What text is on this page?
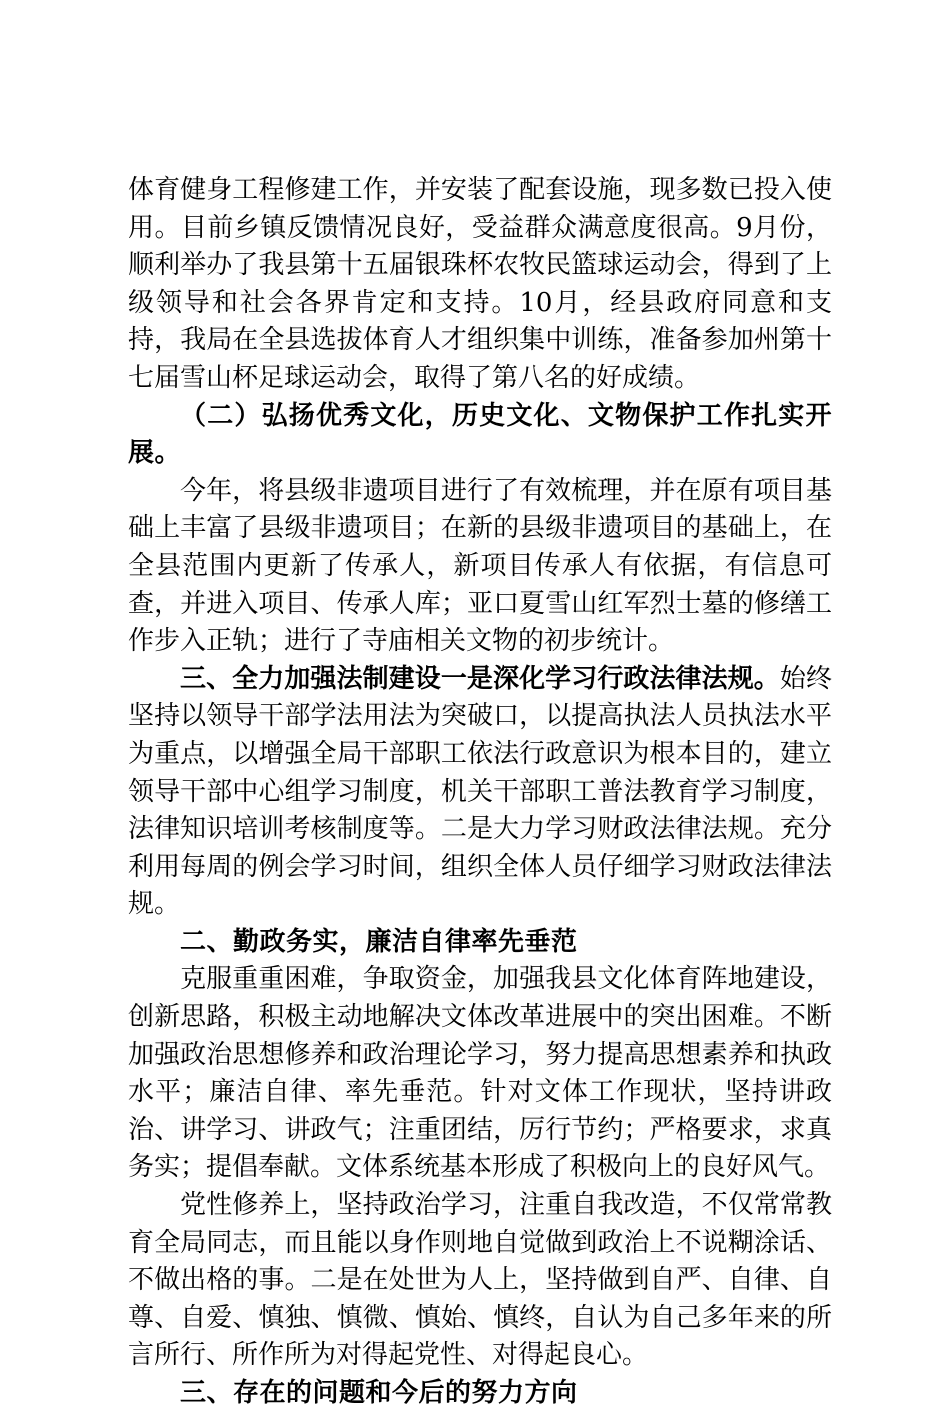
体育健身工程修建工作，并安装了配套设施，现多数已投入使用。目前乡镇反馈情况良好，受益群众满意度很高。9月份，顺利举办了我县第十五届银珠杯农牧民篮球运动会，得到了上级领导和社会各界肯定和支持。10月，经县政府同意和支持，我局在全县选拔体育人才组织集中训练，准备参加州第十七届雪山杯足球运动会，取得了第八名的好成绩。

（二）弘扬优秀文化，历史文化、文物保护工作扎实开展。

今年，将县级非遗项目进行了有效梳理，并在原有项目基础上丰富了县级非遗项目；在新的县级非遗项目的基础上，在全县范围内更新了传承人，新项目传承人有依据，有信息可查，并进入项目、传承人库；亚口夏雪山红军烈士墓的修缮工作步入正轨；进行了寺庙相关文物的初步统计。

三、全力加强法制建设一是深化学习行政法律法规。始终坚持以领导干部学法用法为突破口，以提高执法人员执法水平为重点，以增强全局干部职工依法行政意识为根本目的，建立领导干部中心组学习制度，机关干部职工普法教育学习制度，法律知识培训考核制度等。二是大力学习财政法律法规。充分利用每周的例会学习时间，组织全体人员仔细学习财政法律法规。

二、勤政务实，廉洁自律率先垂范

克服重重困难，争取资金，加强我县文化体育阵地建设，创新思路，积极主动地解决文体改革进展中的突出困难。不断加强政治思想修养和政治理论学习，努力提高思想素养和执政水平；廉洁自律、率先垂范。针对文体工作现状，坚持讲政治、讲学习、讲政气；注重团结，厉行节约；严格要求，求真务实；提倡奉献。文体系统基本形成了积极向上的良好风气。

党性修养上，坚持政治学习，注重自我改造，不仅常常教育全局同志，而且能以身作则地自觉做到政治上不说糊涂话、不做出格的事。二是在处世为人上，坚持做到自严、自律、自尊、自爱、慎独、慎微、慎始、慎终，自认为自己多年来的所言所行、所作所为对得起党性、对得起良心。

三、存在的问题和今后的努力方向
